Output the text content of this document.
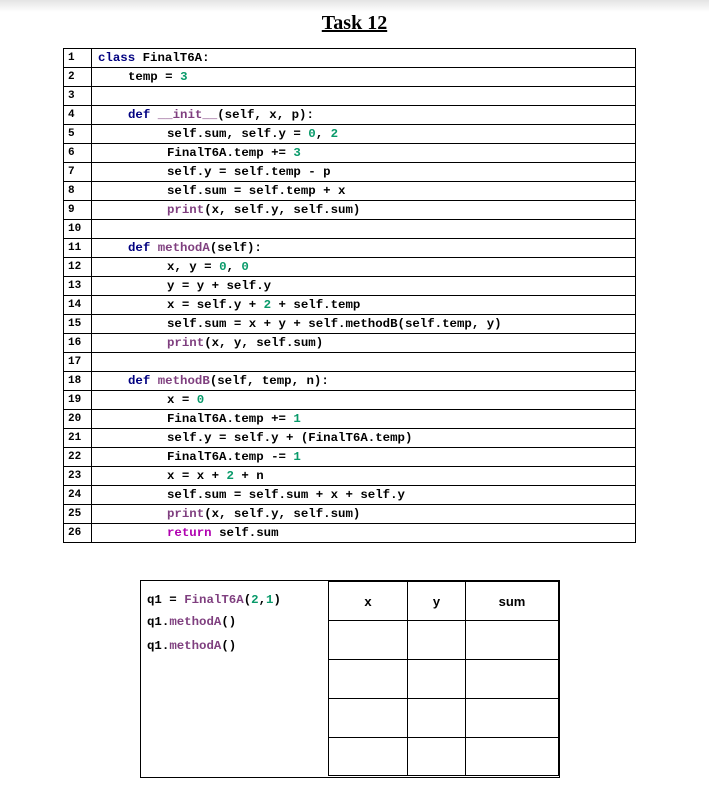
Task 12
1	class FinalT6A:
2	temp = 3
3	
4	def __init__(self, x, p):
5	self.sum, self.y = 0, 2
6	FinalT6A.temp += 3
7	self.y = self.temp - p
8	self.sum = self.temp + x
9	print(x, self.y, self.sum)
10	
11	def methodA(self):
12	x, y = 0, 0
13	y = y + self.y
14	x = self.y + 2 + self.temp
15	self.sum = x + y + self.methodB(self.temp, y)
16	print(x, y, self.sum)
17	
18	def methodB(self, temp, n):
19	x = 0
20	FinalT6A.temp += 1
21	self.y = self.y + (FinalT6A.temp)
22	FinalT6A.temp -= 1
23	x = x + 2 + n
24	self.sum = self.sum + x + self.y
25	print(x, self.y, self.sum)
26	return self.sum
q1 = FinalT6A(2,1)
q1.methodA()
q1.methodA()
x	y	sum
